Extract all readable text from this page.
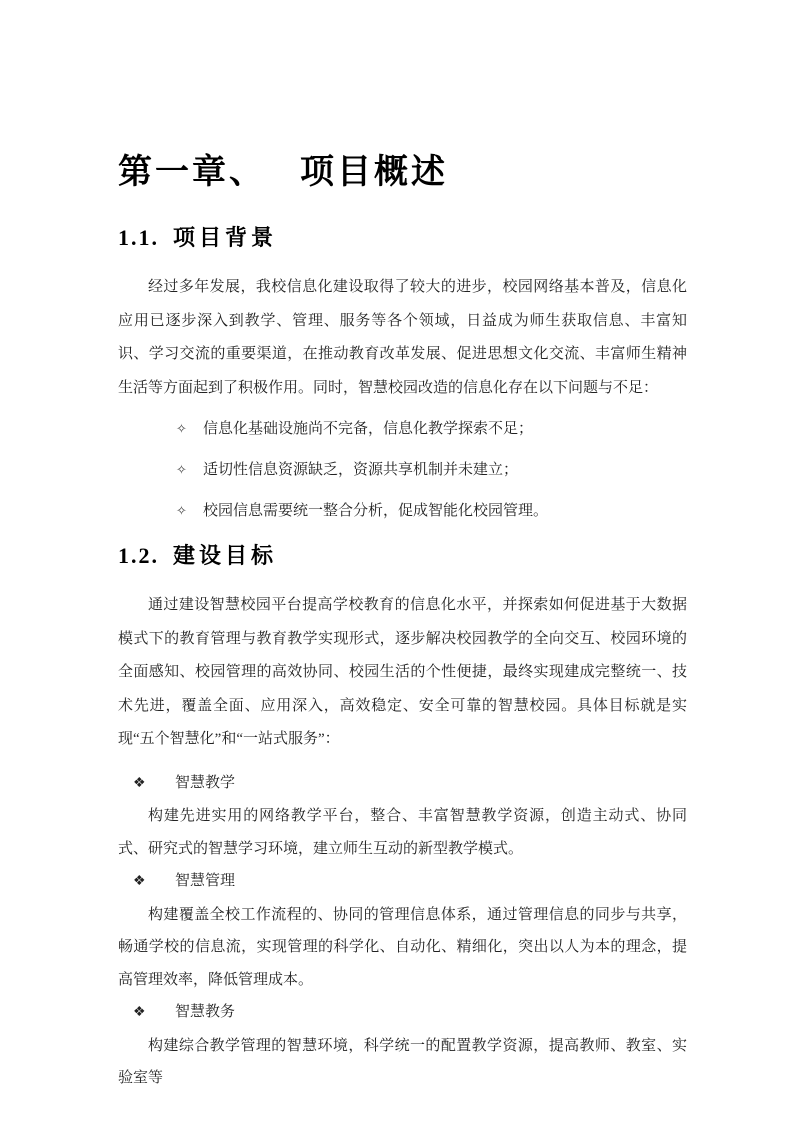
第一章、 项目概述
1.1. 项目背景

经过多年发展，我校信息化建设取得了较大的进步，校园网络基本普及，信息化应用已逐步深入到教学、管理、服务等各个领域，日益成为师生获取信息、丰富知识、学习交流的重要渠道，在推动教育改革发展、促进思想文化交流、丰富师生精神生活等方面起到了积极作用。同时，智慧校园改造的信息化存在以下问题与不足：

✧	信息化基础设施尚不完备，信息化教学探索不足；
✧	适切性信息资源缺乏，资源共享机制并未建立；
✧	校园信息需要统一整合分析，促成智能化校园管理。
1.2. 建设目标

通过建设智慧校园平台提高学校教育的信息化水平，并探索如何促进基于大数据模式下的教育管理与教育教学实现形式，逐步解决校园教学的全向交互、校园环境的全面感知、校园管理的高效协同、校园生活的个性便捷，最终实现建成完整统一、技术先进，覆盖全面、应用深入，高效稳定、安全可靠的智慧校园。具体目标就是实现“五个智慧化”和“一站式服务”：

❖	智慧教学

构建先进实用的网络教学平台，整合、丰富智慧教学资源，创造主动式、协同式、研究式的智慧学习环境，建立师生互动的新型教学模式。

❖	智慧管理

构建覆盖全校工作流程的、协同的管理信息体系，通过管理信息的同步与共享，畅通学校的信息流，实现管理的科学化、自动化、精细化，突出以人为本的理念，提高管理效率，降低管理成本。

❖	智慧教务

构建综合教学管理的智慧环境，科学统一的配置教学资源，提高教师、教室、实验室等
